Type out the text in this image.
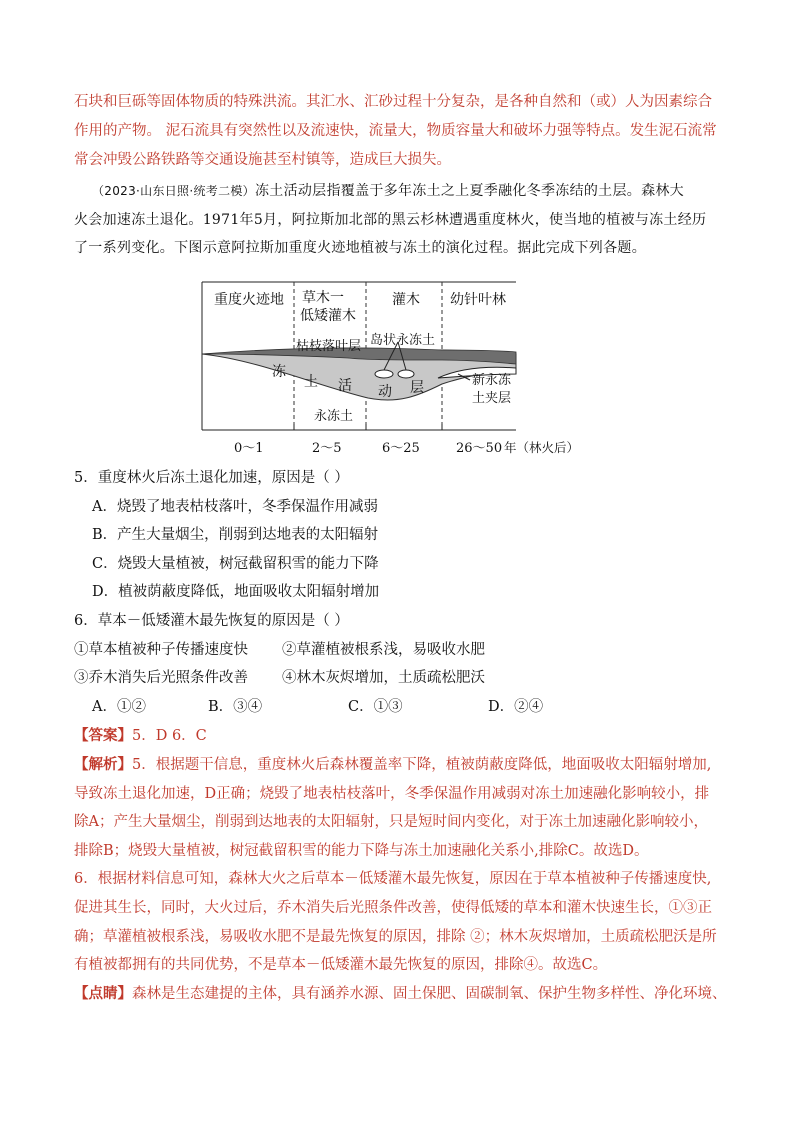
石块和巨砾等固体物质的特殊洪流。其汇水、汇砂过程十分复杂，是各种自然和（或）人为因素综合
作用的产物。 泥石流具有突然性以及流速快，流量大，物质容量大和破坏力强等特点。发生泥石流常
常会冲毁公路铁路等交通设施甚至村镇等，造成巨大损失。
（2023·山东日照·统考二模）冻土活动层指覆盖于多年冻土之上夏季融化冬季冻结的土层。森林大
火会加速冻土退化。1971年5月，阿拉斯加北部的黑云杉林遭遇重度林火，使当地的植被与冻土经历
了一系列变化。下图示意阿拉斯加重度火迹地植被与冻土的演化过程。据此完成下列各题。
重度火迹地 草木一
低矮灌木
灌木 幼针叶林
枯枝落叶层 岛状永冻土
冻
土 活 动 层	新永冻
土夹层
永冻土
0～1	2～5	6～25	26～50 年（林火后）
5．重度林火后冻土退化加速，原因是（ ）
A．烧毁了地表枯枝落叶，冬季保温作用减弱
B．产生大量烟尘，削弱到达地表的太阳辐射
C．烧毁大量植被，树冠截留积雪的能力下降
D．植被荫蔽度降低，地面吸收太阳辐射增加
6．草本－低矮灌木最先恢复的原因是（ ）
①草本植被种子传播速度快 ②草灌植被根系浅，易吸收水肥
③乔木消失后光照条件改善 ④林木灰烬增加，土质疏松肥沃
A．①②	B．③④	C．①③	D．②④
【答案】5．D 6．C
【解析】5．根据题干信息，重度林火后森林覆盖率下降，植被荫蔽度降低，地面吸收太阳辐射增加,
导致冻土退化加速，D正确；烧毁了地表枯枝落叶，冬季保温作用减弱对冻土加速融化影响较小，排
除A；产生大量烟尘，削弱到达地表的太阳辐射，只是短时间内变化，对于冻土加速融化影响较小，
排除B；烧毁大量植被，树冠截留积雪的能力下降与冻土加速融化关系小,排除C。故选D。
6．根据材料信息可知，森林大火之后草本－低矮灌木最先恢复，原因在于草本植被种子传播速度快,
促进其生长，同时，大火过后，乔木消失后光照条件改善，使得低矮的草本和灌木快速生长，①③正
确；草灌植被根系浅，易吸收水肥不是最先恢复的原因，排除 ②；林木灰烬增加，土质疏松肥沃是所
有植被都拥有的共同优势，不是草本－低矮灌木最先恢复的原因，排除④。故选C。
【点睛】森林是生态建提的主体，具有涵养水源、固土保肥、固碳制氧、保护生物多样性、净化环境、
